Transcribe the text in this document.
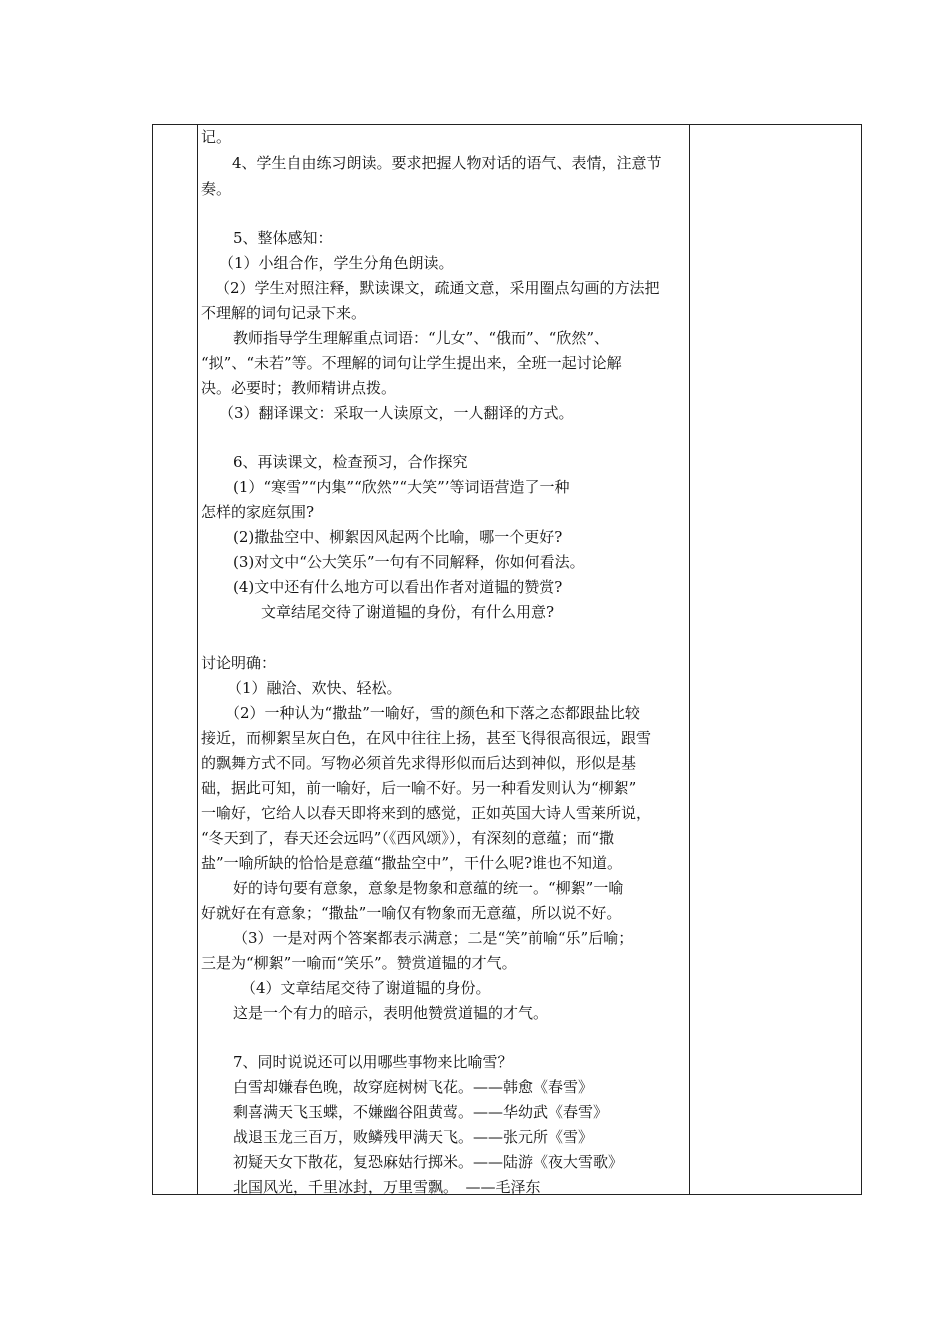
记。
4、学生自由练习朗读。要求把握人物对话的语气、表情，注意节
奏。
5、整体感知：
（1）小组合作，学生分角色朗读。
（2）学生对照注释，默读课文，疏通文意，采用圈点勾画的方法把
不理解的词句记录下来。
教师指导学生理解重点词语：“儿女”、“俄而”、“欣然”、
“拟”、“未若”等。不理解的词句让学生提出来，全班一起讨论解
决。必要时；教师精讲点拨。
（3）翻译课文：采取一人读原文，一人翻译的方式。
6、再读课文，检查预习，合作探究
(1）“寒雪”“内集”“欣然”“大笑”’等词语营造了一种
怎样的家庭氛围?
(2)撒盐空中、柳絮因风起两个比喻，哪一个更好?
(3)对文中“公大笑乐”一句有不同解释，你如何看法。
(4)文中还有什么地方可以看出作者对道韫的赞赏?
文章结尾交待了谢道韫的身份，有什么用意?
讨论明确：
（1）融洽、欢快、轻松。
（2）一种认为“撒盐”一喻好，雪的颜色和下落之态都跟盐比较
接近，而柳絮呈灰白色，在风中往往上扬，甚至飞得很高很远，跟雪
的飘舞方式不同。写物必须首先求得形似而后达到神似，形似是基
础，据此可知，前一喻好，后一喻不好。另一种看发则认为“柳絮”
一喻好，它给人以春天即将来到的感觉，正如英国大诗人雪莱所说，
“冬天到了，春天还会远吗”（《西风颂》），有深刻的意蕴；而“撒
盐”一喻所缺的恰恰是意蕴“撒盐空中”，干什么呢?谁也不知道。
好的诗句要有意象，意象是物象和意蕴的统一。“柳絮”一喻
好就好在有意象；“撒盐”一喻仅有物象而无意蕴，所以说不好。
（3）一是对两个答案都表示满意；二是“笑”前喻“乐”后喻；
三是为“柳絮”一喻而“笑乐”。赞赏道韫的才气。
（4）文章结尾交待了谢道韫的身份。
这是一个有力的暗示，表明他赞赏道韫的才气。
7、同时说说还可以用哪些事物来比喻雪？
白雪却嫌春色晚，故穿庭树树飞花。——韩愈《春雪》
剩喜满天飞玉蝶，不嫌幽谷阻黄莺。——华幼武《春雪》
战退玉龙三百万，败鳞残甲满天飞。——张元所《雪》
初疑天女下散花，复恐麻姑行掷米。——陆游《夜大雪歌》
北国风光，千里冰封，万里雪飘。　——毛泽东
